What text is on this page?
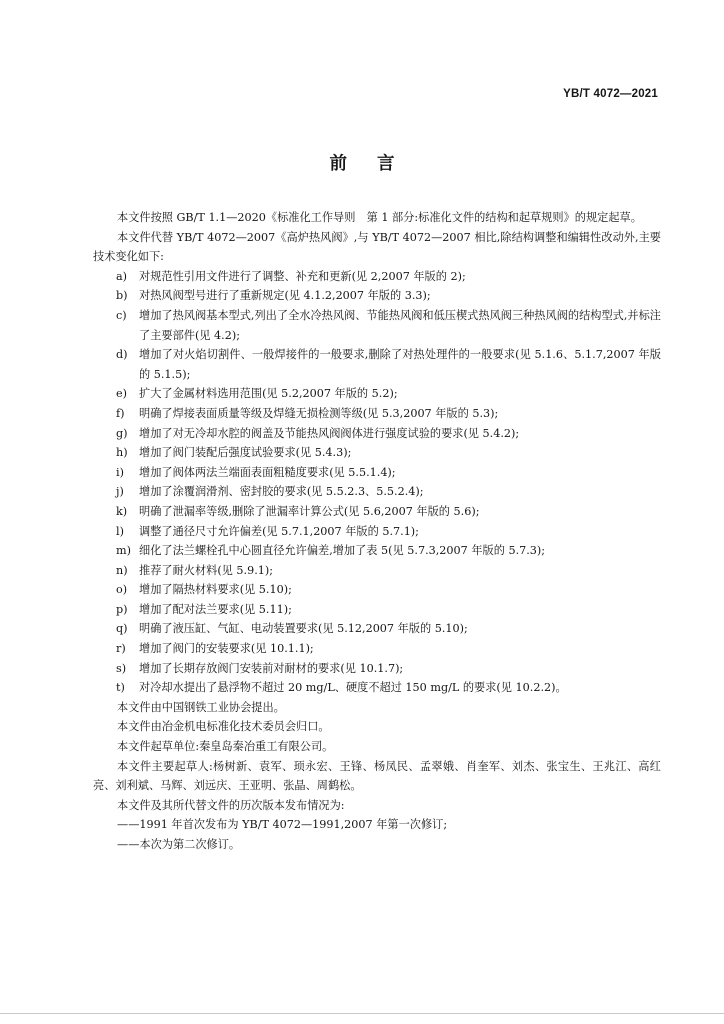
YB/T 4072—2021
前言

本文件按照 GB/T 1.1—2020《标准化工作导则　第 1 部分:标准化文件的结构和起草规则》的规定起草。

本文件代替 YB/T 4072—2007《高炉热风阀》,与 YB/T 4072—2007 相比,除结构调整和编辑性改动外,主要技术变化如下:

a) 对规范性引用文件进行了调整、补充和更新(见 2,2007 年版的 2);
b) 对热风阀型号进行了重新规定(见 4.1.2,2007 年版的 3.3);
c) 增加了热风阀基本型式,列出了全水冷热风阀、节能热风阀和低压楔式热风阀三种热风阀的结构型式,并标注了主要部件(见 4.2);
d) 增加了对火焰切割件、一般焊接件的一般要求,删除了对热处理件的一般要求(见 5.1.6、5.1.7,2007 年版的 5.1.5);
e) 扩大了金属材料选用范围(见 5.2,2007 年版的 5.2);
f) 明确了焊接表面质量等级及焊缝无损检测等级(见 5.3,2007 年版的 5.3);
g) 增加了对无冷却水腔的阀盖及节能热风阀阀体进行强度试验的要求(见 5.4.2);
h) 增加了阀门装配后强度试验要求(见 5.4.3);
i) 增加了阀体两法兰端面表面粗糙度要求(见 5.5.1.4);
j) 增加了涂覆润滑剂、密封胶的要求(见 5.5.2.3、5.5.2.4);
k) 明确了泄漏率等级,删除了泄漏率计算公式(见 5.6,2007 年版的 5.6);
l) 调整了通径尺寸允许偏差(见 5.7.1,2007 年版的 5.7.1);
m) 细化了法兰螺栓孔中心圆直径允许偏差,增加了表 5(见 5.7.3,2007 年版的 5.7.3);
n) 推荐了耐火材料(见 5.9.1);
o) 增加了隔热材料要求(见 5.10);
p) 增加了配对法兰要求(见 5.11);
q) 明确了液压缸、气缸、电动装置要求(见 5.12,2007 年版的 5.10);
r) 增加了阀门的安装要求(见 10.1.1);
s) 增加了长期存放阀门安装前对耐材的要求(见 10.1.7);
t) 对冷却水提出了悬浮物不超过 20 mg/L、硬度不超过 150 mg/L 的要求(见 10.2.2)。

本文件由中国钢铁工业协会提出。

本文件由冶金机电标准化技术委员会归口。

本文件起草单位:秦皇岛秦冶重工有限公司。

本文件主要起草人:杨树新、袁军、顼永宏、王锋、杨凤民、孟翠娥、肖奎军、刘杰、张宝生、王兆江、高红亮、刘利斌、马辉、刘远庆、王亚明、张晶、周鹤松。

本文件及其所代替文件的历次版本发布情况为:

——1991 年首次发布为 YB/T 4072—1991,2007 年第一次修订;

——本次为第二次修订。
